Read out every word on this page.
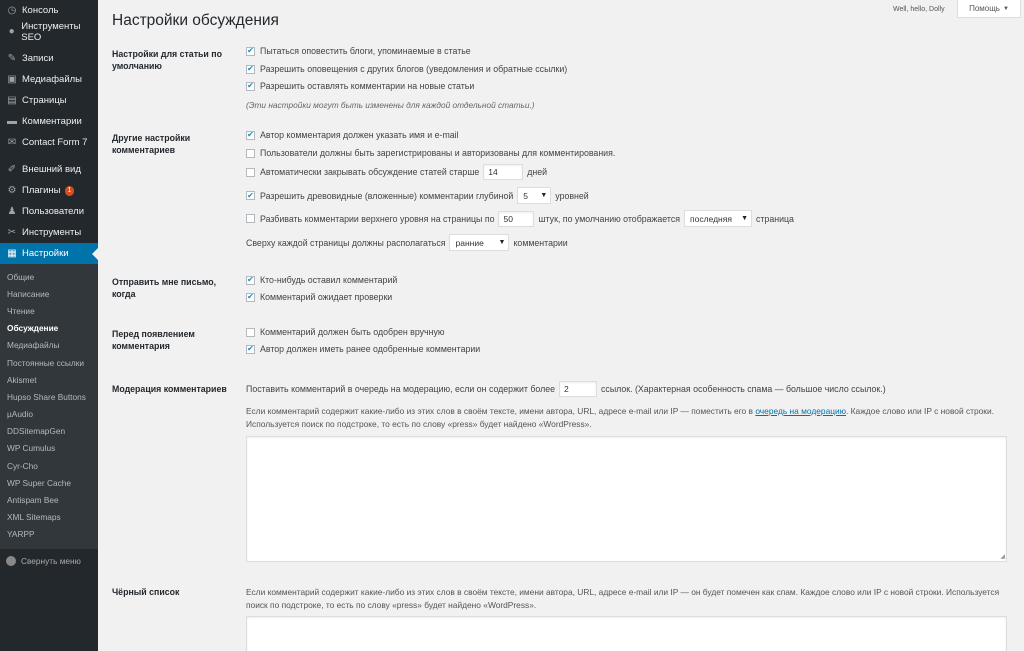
◷ Консоль
● Инструменты SEO
✎ Записи
▣ Медиафайлы
▤ Страницы
▬ Комментарии
✉ Contact Form 7
✐ Внешний вид
⚙ Плагины	1
♟ Пользователи
✂ Инструменты
▦ Настройки
Общие
Написание
Чтение
Обсуждение
Медиафайлы
Постоянные ссылки
Akismet
Hupso Share Buttons
µAudio
DDSitemapGen
WP Cumulus
Cyr-Cho
WP Super Cache
Antispam Bee
XML Sitemaps
YARPP
Свернуть меню
Well, hello, Dolly	Помощь ▼
Настройки обсуждения
Настройки для статьи по умолчанию
✔ Пытаться оповестить блоги, упоминаемые в статье
✔ Разрешить оповещения с других блогов (уведомления и обратные ссылки)
✔ Разрешить оставлять комментарии на новые статьи
(Эти настройки могут быть изменены для каждой отдельной статьи.)
Другие настройки комментариев
✔ Автор комментария должен указать имя и e-mail
Пользователи должны быть зарегистрированы и авторизованы для комментирования.
Автоматически закрывать обсуждение статей старше	14	дней
✔ Разрешить древовидные (вложенные) комментарии глубиной 5 ▼ уровней
Разбивать комментарии верхнего уровня на страницы по	50	штук, по умолчанию отображается последняя ▼ страница
Сверху каждой страницы должны располагаться ранние ▼ комментарии
Отправить мне письмо, когда
✔ Кто-нибудь оставил комментарий
✔ Комментарий ожидает проверки
Перед появлением комментария
Комментарий должен быть одобрен вручную
✔ Автор должен иметь ранее одобренные комментарии
Модерация комментариев	Поставить комментарий в очередь на модерацию, если он содержит более	2	ссылок. (Характерная особенность спама — большое число ссылок.)
Если комментарий содержит какие-либо из этих слов в своём тексте, имени автора, URL, адресе e-mail или IP — поместить его в очередь на модерацию. Каждое слово или IP с новой строки. Используется поиск по подстроке, то есть по слову «press» будет найдено «WordPress».
◢
Чёрный список	Если комментарий содержит какие-либо из этих слов в своём тексте, имени автора, URL, адресе e-mail или IP — он будет помечен как спам. Каждое слово или IP с новой строки. Используется поиск по подстроке, то есть по слову «press» будет найдено «WordPress».
